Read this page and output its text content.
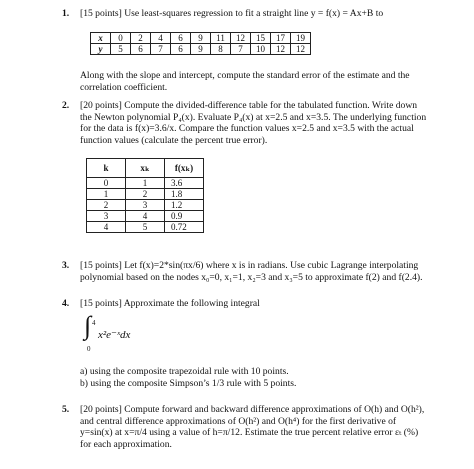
1. [15 points] Use least-squares regression to fit a straight line y = f(x) = Ax+B to
x	0	2	4	6	9	11	12	15	17	19
y	5	6	7	6	9	8	7	10	12	12
Along with the slope and intercept, compute the standard error of the estimate and the correlation coefficient.
2. [20 points] Compute the divided-difference table for the tabulated function. Write down the Newton polynomial P₄(x). Evaluate P₄(x) at x=2.5 and x=3.5. The underlying function for the data is f(x)=3.6/x. Compare the function values x=2.5 and x=3.5 with the actual function values (calculate the percent true error).
k	xₖ	f(xₖ)
0	1	3.6
1	2	1.8
2	3	1.2
3	4	0.9
4	5	0.72
3. [15 points] Let f(x)=2*sin(πx/6) where x is in radians. Use cubic Lagrange interpolating polynomial based on the nodes x₀=0, x₁=1, x₂=3 and x₃=5 to approximate f(2) and f(2.4).
4. [15 points] Approximate the following integral
∫ 4
0
x²e⁻ˣdx
a) using the composite trapezoidal rule with 10 points.
b) using the composite Simpson’s 1/3 rule with 5 points.
5. [20 points] Compute forward and backward difference approximations of O(h) and O(h²), and central difference approximations of O(h²) and O(h⁴) for the first derivative of y=sin(x) at x=π/4 using a value of h=π/12. Estimate the true percent relative error εₜ (%) for each approximation.
